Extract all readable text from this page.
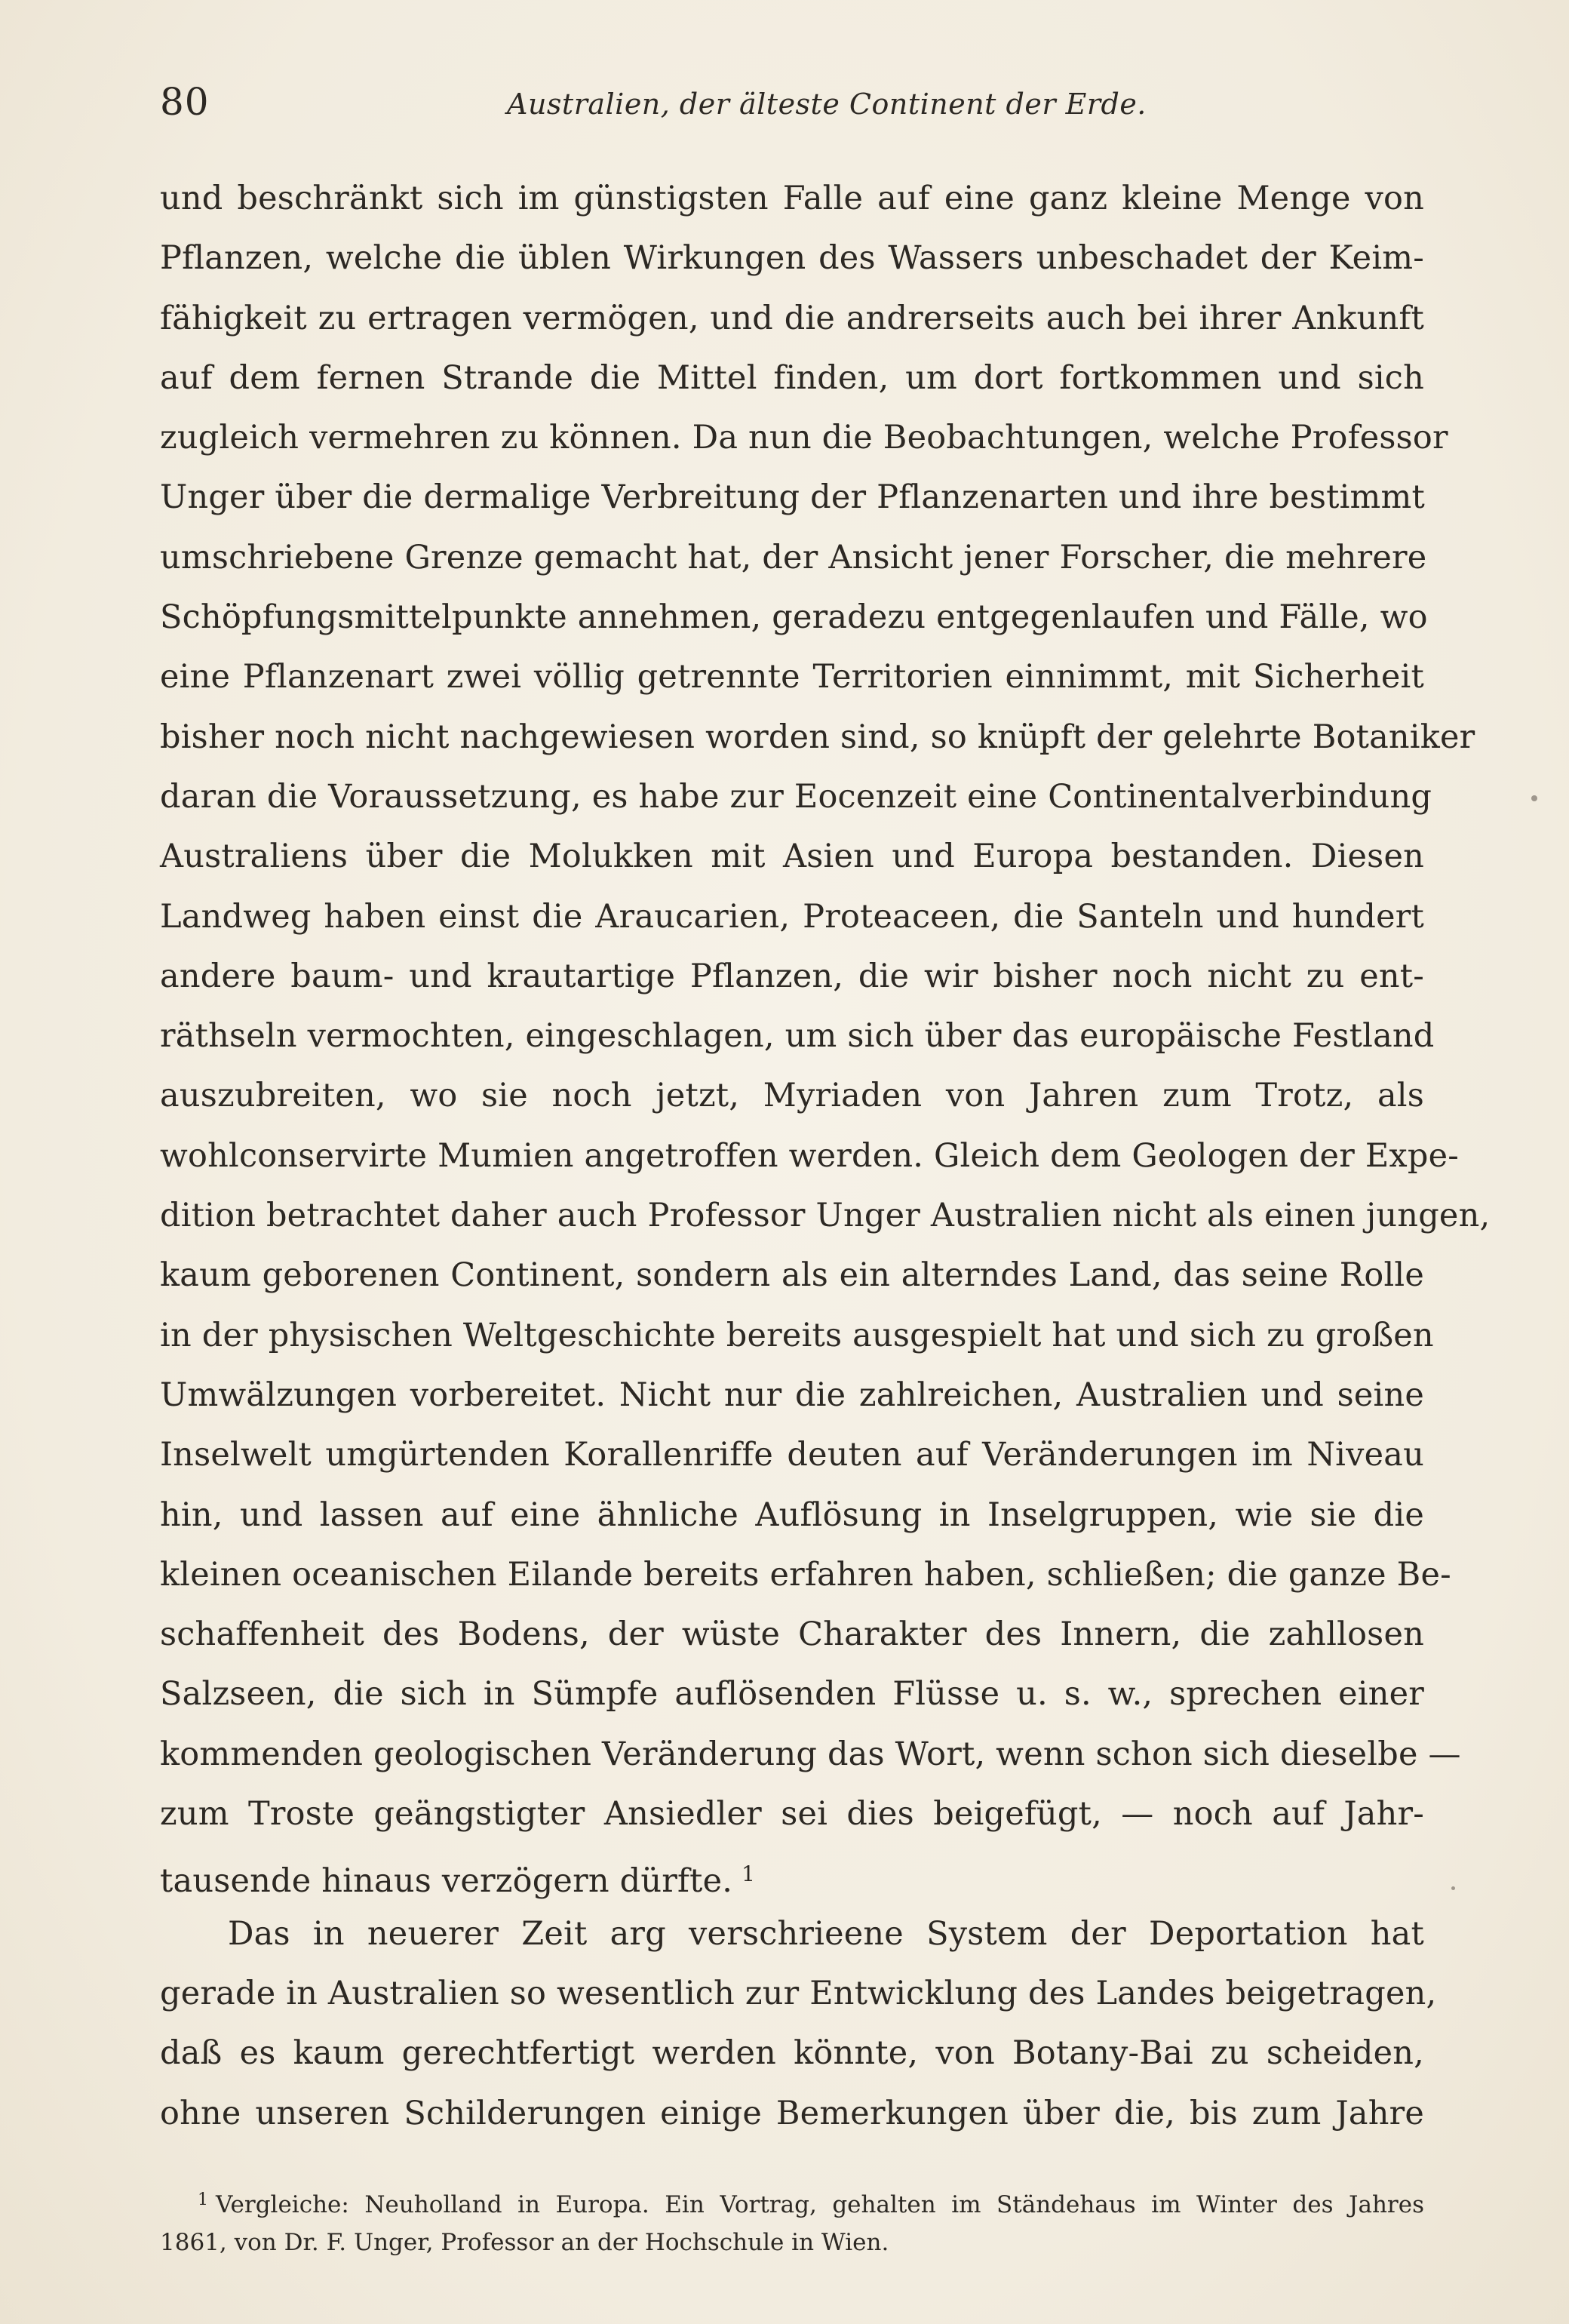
80	Australien, der älteste Continent der Erde.
und beschränkt sich im günstigsten Falle auf eine ganz kleine Menge von
Pflanzen, welche die üblen Wirkungen des Wassers unbeschadet der Keim-
fähigkeit zu ertragen vermögen, und die andrerseits auch bei ihrer Ankunft
auf dem fernen Strande die Mittel finden, um dort fortkommen und sich
zugleich vermehren zu können. Da nun die Beobachtungen, welche Professor
Unger über die dermalige Verbreitung der Pflanzenarten und ihre bestimmt
umschriebene Grenze gemacht hat, der Ansicht jener Forscher, die mehrere
Schöpfungsmittelpunkte annehmen, geradezu entgegenlaufen und Fälle, wo
eine Pflanzenart zwei völlig getrennte Territorien einnimmt, mit Sicherheit
bisher noch nicht nachgewiesen worden sind, so knüpft der gelehrte Botaniker
daran die Voraussetzung, es habe zur Eocenzeit eine Continentalverbindung
Australiens über die Molukken mit Asien und Europa bestanden. Diesen
Landweg haben einst die Araucarien, Proteaceen, die Santeln und hundert
andere baum- und krautartige Pflanzen, die wir bisher noch nicht zu ent-
räthseln vermochten, eingeschlagen, um sich über das europäische Festland
auszubreiten, wo sie noch jetzt, Myriaden von Jahren zum Trotz, als
wohlconservirte Mumien angetroffen werden. Gleich dem Geologen der Expe-
dition betrachtet daher auch Professor Unger Australien nicht als einen jungen,
kaum geborenen Continent, sondern als ein alterndes Land, das seine Rolle
in der physischen Weltgeschichte bereits ausgespielt hat und sich zu großen
Umwälzungen vorbereitet. Nicht nur die zahlreichen, Australien und seine
Inselwelt umgürtenden Korallenriffe deuten auf Veränderungen im Niveau
hin, und lassen auf eine ähnliche Auflösung in Inselgruppen, wie sie die
kleinen oceanischen Eilande bereits erfahren haben, schließen; die ganze Be-
schaffenheit des Bodens, der wüste Charakter des Innern, die zahllosen
Salzseen, die sich in Sümpfe auflösenden Flüsse u. s. w., sprechen einer
kommenden geologischen Veränderung das Wort, wenn schon sich dieselbe —
zum Troste geängstigter Ansiedler sei dies beigefügt, — noch auf Jahr-
tausende hinaus verzögern dürfte. $^1$
Das in neuerer Zeit arg verschrieene System der Deportation hat
gerade in Australien so wesentlich zur Entwicklung des Landes beigetragen,
daß es kaum gerechtfertigt werden könnte, von Botany-Bai zu scheiden,
ohne unseren Schilderungen einige Bemerkungen über die, bis zum Jahre
$^1$ Vergleiche: Neuholland in Europa. Ein Vortrag, gehalten im Ständehaus im Winter des Jahres
1861, von Dr. F. Unger, Professor an der Hochschule in Wien.
